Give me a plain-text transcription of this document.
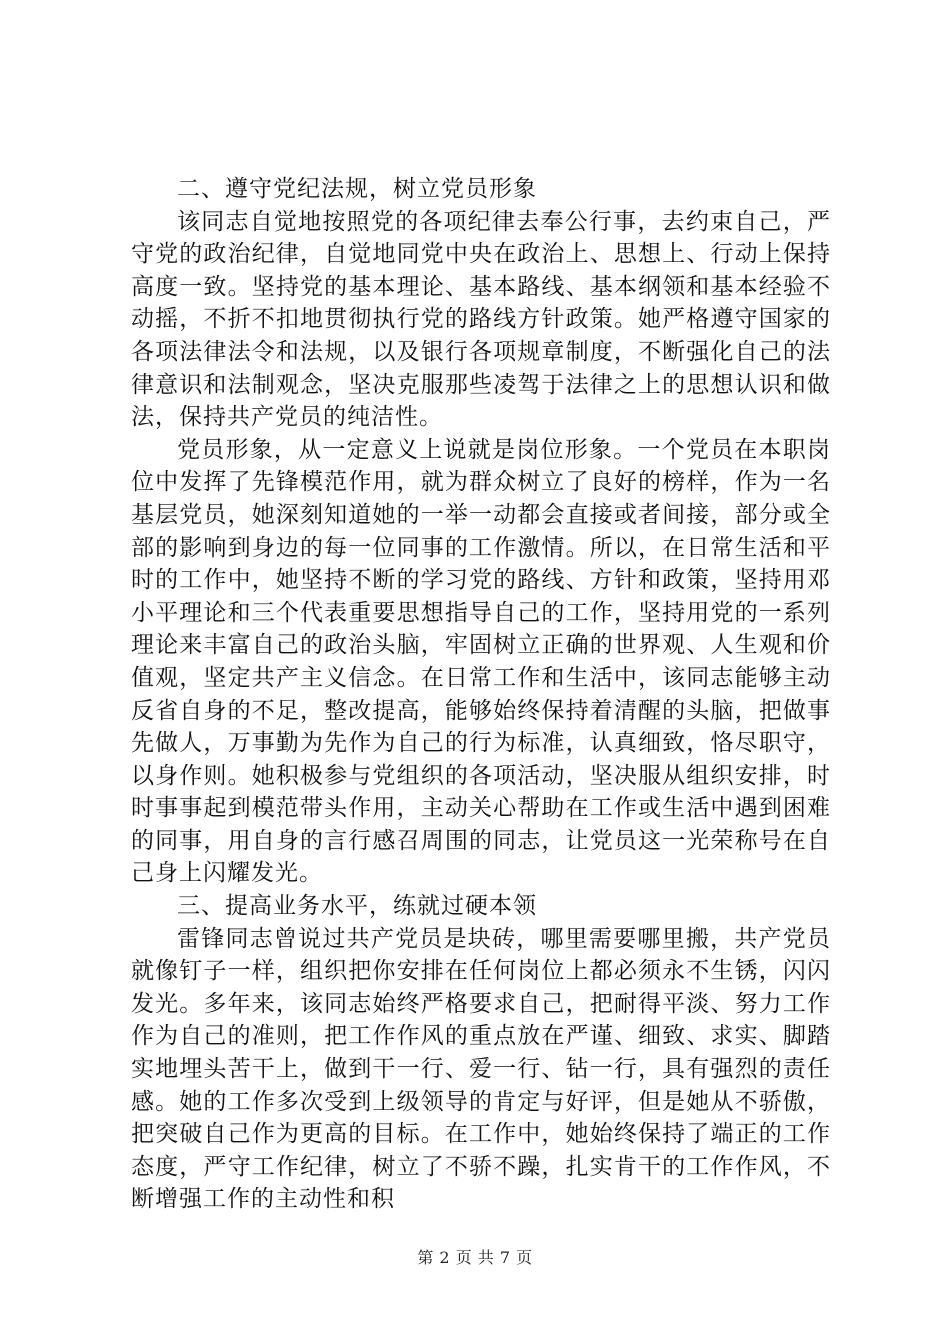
二、遵守党纪法规，树立党员形象

该同志自觉地按照党的各项纪律去奉公行事，去约束自己，严守党的政治纪律，自觉地同党中央在政治上、思想上、行动上保持高度一致。坚持党的基本理论、基本路线、基本纲领和基本经验不动摇，不折不扣地贯彻执行党的路线方针政策。她严格遵守国家的各项法律法令和法规，以及银行各项规章制度，不断强化自己的法律意识和法制观念，坚决克服那些凌驾于法律之上的思想认识和做法，保持共产党员的纯洁性。

党员形象，从一定意义上说就是岗位形象。一个党员在本职岗位中发挥了先锋模范作用，就为群众树立了良好的榜样，作为一名基层党员，她深刻知道她的一举一动都会直接或者间接，部分或全部的影响到身边的每一位同事的工作激情。所以，在日常生活和平时的工作中，她坚持不断的学习党的路线、方针和政策，坚持用邓小平理论和三个代表重要思想指导自己的工作，坚持用党的一系列理论来丰富自己的政治头脑，牢固树立正确的世界观、人生观和价值观，坚定共产主义信念。在日常工作和生活中，该同志能够主动反省自身的不足，整改提高，能够始终保持着清醒的头脑，把做事先做人，万事勤为先作为自己的行为标准，认真细致，恪尽职守，以身作则。她积极参与党组织的各项活动，坚决服从组织安排，时时事事起到模范带头作用，主动关心帮助在工作或生活中遇到困难的同事，用自身的言行感召周围的同志，让党员这一光荣称号在自己身上闪耀发光。

三、提高业务水平，练就过硬本领

雷锋同志曾说过共产党员是块砖，哪里需要哪里搬，共产党员就像钉子一样，组织把你安排在任何岗位上都必须永不生锈，闪闪发光。多年来，该同志始终严格要求自己，把耐得平淡、努力工作作为自己的准则，把工作作风的重点放在严谨、细致、求实、脚踏实地埋头苦干上，做到干一行、爱一行、钻一行，具有强烈的责任感。她的工作多次受到上级领导的肯定与好评，但是她从不骄傲，把突破自己作为更高的目标。在工作中，她始终保持了端正的工作态度，严守工作纪律，树立了不骄不躁，扎实肯干的工作作风，不断增强工作的主动性和积

第 2 页 共 7 页
